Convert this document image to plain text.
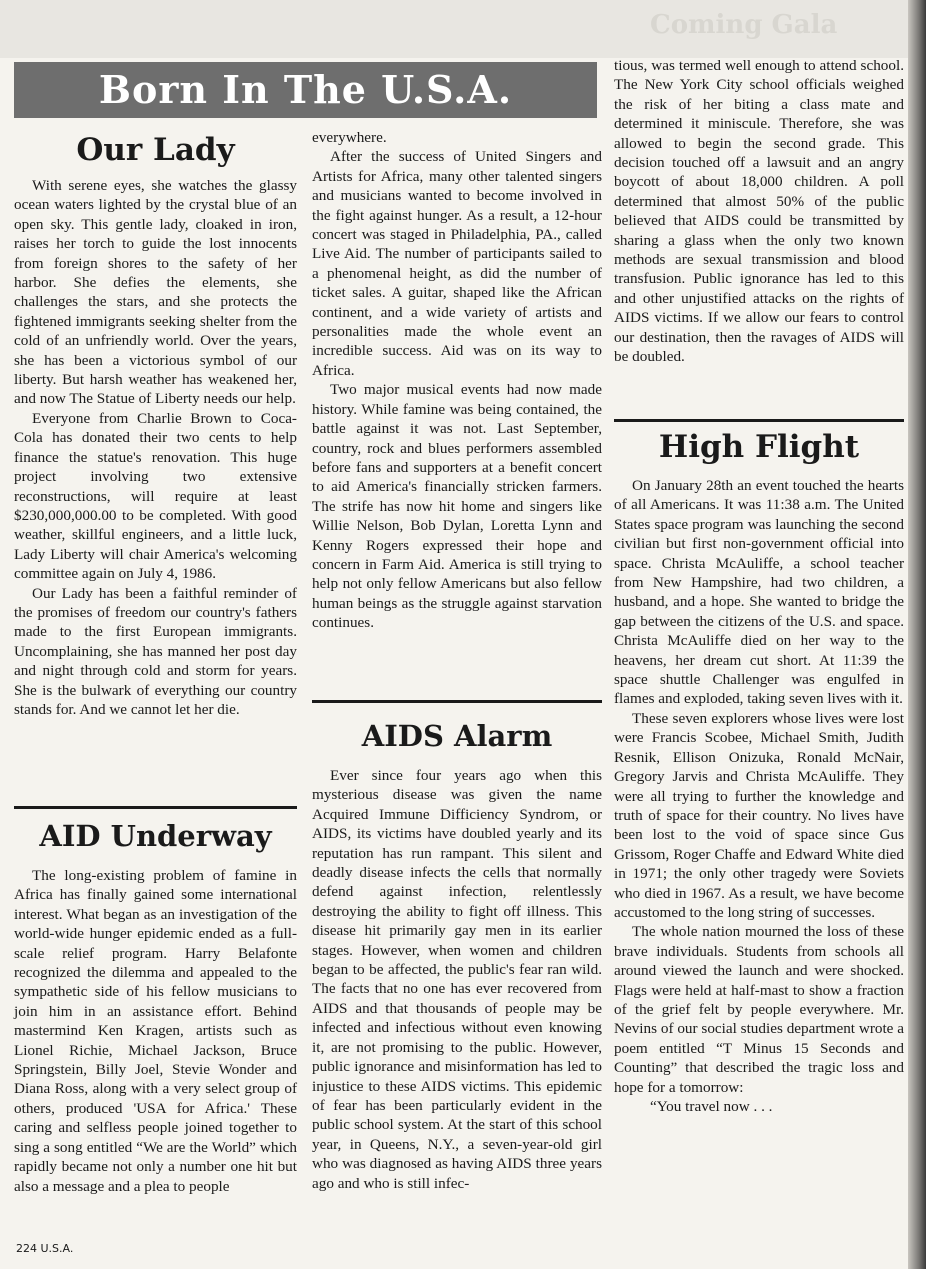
Coming Gala
Born In The U.S.A.
Our Lady

With serene eyes, she watches the glassy ocean waters lighted by the crystal blue of an open sky. This gentle lady, cloaked in iron, raises her torch to guide the lost innocents from foreign shores to the safety of her harbor. She defies the elements, she challenges the stars, and she protects the fightened immigrants seeking shelter from the cold of an unfriendly world. Over the years, she has been a victorious symbol of our liberty. But harsh weather has weakened her, and now The Statue of Liberty needs our help.

Everyone from Charlie Brown to Coca-Cola has donated their two cents to help finance the statue's renovation. This huge project involving two extensive reconstructions, will require at least $230,000,000.00 to be completed. With good weather, skillful engineers, and a little luck, Lady Liberty will chair America's welcoming committee again on July 4, 1986.

Our Lady has been a faithful reminder of the promises of freedom our country's fathers made to the first European immigrants. Uncomplaining, she has manned her post day and night through cold and storm for years. She is the bulwark of everything our country stands for. And we cannot let her die.

AID Underway

The long-existing problem of famine in Africa has finally gained some international interest. What began as an investigation of the world-wide hunger epidemic ended as a full-scale relief program. Harry Belafonte recognized the dilemma and appealed to the sympathetic side of his fellow musicians to join him in an assistance effort. Behind mastermind Ken Kragen, artists such as Lionel Richie, Michael Jackson, Bruce Springstein, Billy Joel, Stevie Wonder and Diana Ross, along with a very select group of others, produced 'USA for Africa.' These caring and selfless people joined together to sing a song entitled “We are the World” which rapidly became not only a number one hit but also a message and a plea to people

everywhere.

After the success of United Singers and Artists for Africa, many other talented singers and musicians wanted to become involved in the fight against hunger. As a result, a 12-hour concert was staged in Philadelphia, PA., called Live Aid. The number of participants sailed to a phenomenal height, as did the number of ticket sales. A guitar, shaped like the African continent, and a wide variety of artists and personalities made the whole event an incredible success. Aid was on its way to Africa.

Two major musical events had now made history. While famine was being contained, the battle against it was not. Last September, country, rock and blues performers assembled before fans and supporters at a benefit concert to aid America's financially stricken farmers. The strife has now hit home and singers like Willie Nelson, Bob Dylan, Loretta Lynn and Kenny Rogers expressed their hope and concern in Farm Aid. America is still trying to help not only fellow Americans but also fellow human beings as the struggle against starvation continues.

AIDS Alarm

Ever since four years ago when this mysterious disease was given the name Acquired Immune Difficiency Syndrom, or AIDS, its victims have doubled yearly and its reputation has run rampant. This silent and deadly disease infects the cells that normally defend against infection, relentlessly destroying the ability to fight off illness. This disease hit primarily gay men in its earlier stages. However, when women and children began to be affected, the public's fear ran wild. The facts that no one has ever recovered from AIDS and that thousands of people may be infected and infectious without even knowing it, are not promising to the public. However, public ignorance and misinformation has led to injustice to these AIDS victims. This epidemic of fear has been particularly evident in the public school system. At the start of this school year, in Queens, N.Y., a seven-year-old girl who was diagnosed as having AIDS three years ago and who is still infec-

tious, was termed well enough to attend school. The New York City school officials weighed the risk of her biting a class mate and determined it miniscule. Therefore, she was allowed to begin the second grade. This decision touched off a lawsuit and an angry boycott of about 18,000 children. A poll determined that almost 50% of the public believed that AIDS could be transmitted by sharing a glass when the only two known methods are sexual transmission and blood transfusion. Public ignorance has led to this and other unjustified attacks on the rights of AIDS victims. If we allow our fears to control our destination, then the ravages of AIDS will be doubled.

High Flight

On January 28th an event touched the hearts of all Americans. It was 11:38 a.m. The United States space program was launching the second civilian but first non-government official into space. Christa McAuliffe, a school teacher from New Hampshire, had two children, a husband, and a hope. She wanted to bridge the gap between the citizens of the U.S. and space. Christa McAuliffe died on her way to the heavens, her dream cut short. At 11:39 the space shuttle Challenger was engulfed in flames and exploded, taking seven lives with it.

These seven explorers whose lives were lost were Francis Scobee, Michael Smith, Judith Resnik, Ellison Onizuka, Ronald McNair, Gregory Jarvis and Christa McAuliffe. They were all trying to further the knowledge and truth of space for their country. No lives have been lost to the void of space since Gus Grissom, Roger Chaffe and Edward White died in 1971; the only other tragedy were Soviets who died in 1967. As a result, we have become accustomed to the long string of successes.

The whole nation mourned the loss of these brave individuals. Students from schools all around viewed the launch and were shocked. Flags were held at half-mast to show a fraction of the grief felt by people everywhere. Mr. Nevins of our social studies department wrote a poem entitled “T Minus 15 Seconds and Counting” that described the tragic loss and hope for a tomorrow:

“You travel now . . .

224 U.S.A.
